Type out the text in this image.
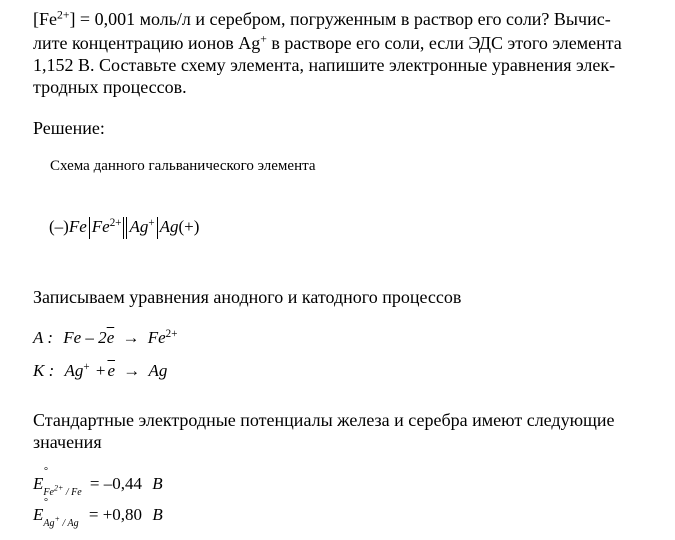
$[Fe^{2+}] = 0,001$ моль/л и серебром, погруженным в раствор его соли? Вычис-
лите концентрацию ионов Ag+ в растворе его соли, если ЭДС этого элемента
1,152 В. Составьте схему элемента, напишите электронные уравнения элек-
тродных процессов.
Решение:
Схема данного гальванического элемента
(–)Fe $Fe^{2+}$ Ag+ Ag(+)
Записываем уравнения анодного и катодного процессов
A : $Fe - 2\overline{e} \to Fe^{2+}$
K : $Ag^+ + \overline{e} \to Ag$
Стандартные электродные потенциалы железа и серебра имеют следующие
значения
E
°
$_{Fe^{2+} / Fe}$ = –0,44 B
E
°
$_{Ag^+ / Ag}$ = +0,80 B
